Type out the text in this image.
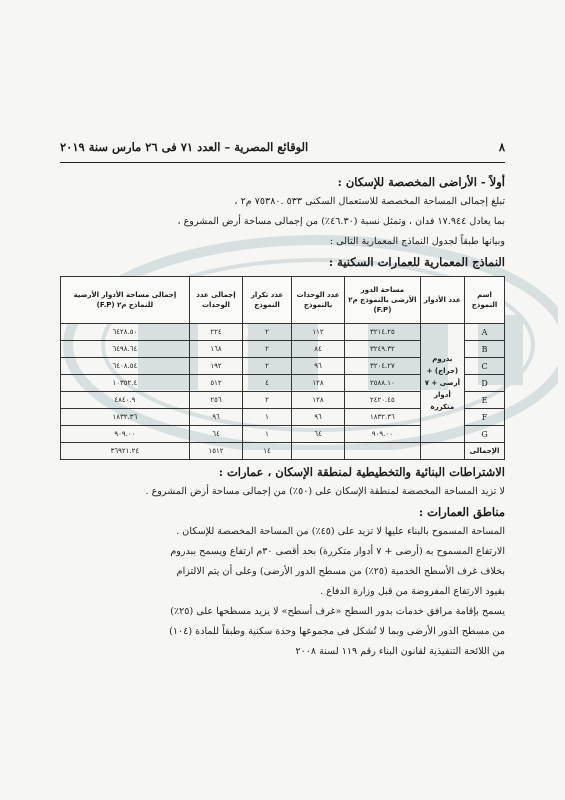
٨
الوقائع المصرية – العدد ٧١ فى ٢٦ مارس سنة ٢٠١٩

أولاً - الأراضى المخصصة للإسكان :

تبلغ إجمالى المساحة المخصصة للاستعمال السكنى ٥٣٣ .٧٥٣٨٠ م٢ ،

بما يعادل ١٧.٩٤٤ فدان ، وتمثل نسبة (٤٦.٣٠٪) من إجمالى مساحة أرض المشروع ،

وبيانها طبقاً لجدول النماذج المعمارية التالى :

النماذج المعمارية للعمارات السكنية :

اسم النموذج	عدد الأدوار	مساحة الدور الأرضى بالنموذج م٢ (F.P)	عدد الوحدات بالنموذج	عدد تكرار النموذج	إجمالى عدد الوحدات	إجمالى مساحة الأدوار الأرضية للنماذج م٢ (F.P)
A	بدروم (جراج) + أرضى + ٧ أدوار متكررة	٣٢١٤.٢٥	١١٢	٢	٢٢٤	٦٤٢٨.٥٠
B		٣٢٤٩.٣٢	٨٤	٢	١٦٨	٦٤٩٨.٦٤
C		٣٢٠٤.٢٧	٩٦	٢	١٩٢	٦٤٠٨.٥٤
D		٢٥٨٨.١٠	١٢٨	٤	٥١٢	١٠٣٥٢.٤
E		٢٤٢٠.٤٥	١٢٨	٢	٢٥٦	٤٨٤٠.٩
F		١٨٣٢.٣٦	٩٦	١	٩٦	١٨٣٢.٣٦
G		٩٠٩.٠٠	٦٤	١	٦٤	٩٠٩.٠٠
الإجمالى				١٤	١٥١٢	٣٦٩٢١.٢٤

الاشتراطات البنائية والتخطيطية لمنطقة الإسكان ، عمارات :

لا تزيد المساحة المخصصة لمنطقة الإسكان على (٥٠٪) من إجمالى مساحة أرض المشروع .

مناطق العمارات :

المساحة المسموح بالبناء عليها لا تزيد على (٤٥٪) من المساحة المخصصة للإسكان .

الارتفاع المسموح به (أرضى + ٧ أدوار متكررة) بحد أقصى ٣٠م ارتفاع ويسمح ببدروم

بخلاف غرف الأسطح الخدمية (٢٥٪) من مسطح الدور الأرضى) وعلى أن يتم الالتزام

بقيود الارتفاع المفروضة من قبل وزارة الدفاع .

يسمح بإقامة مرافق خدمات بدور السطح «غرف أسطح» لا يزيد مسطحها على (٢٥٪)

من مسطح الدور الأرضى وبما لا تُشكل فى مجموعها وحدة سكنية وطبقاً للمادة (١٠٤)

من اللائحة التنفيذية لقانون البناء رقم ١١٩ لسنة ٢٠٠٨
